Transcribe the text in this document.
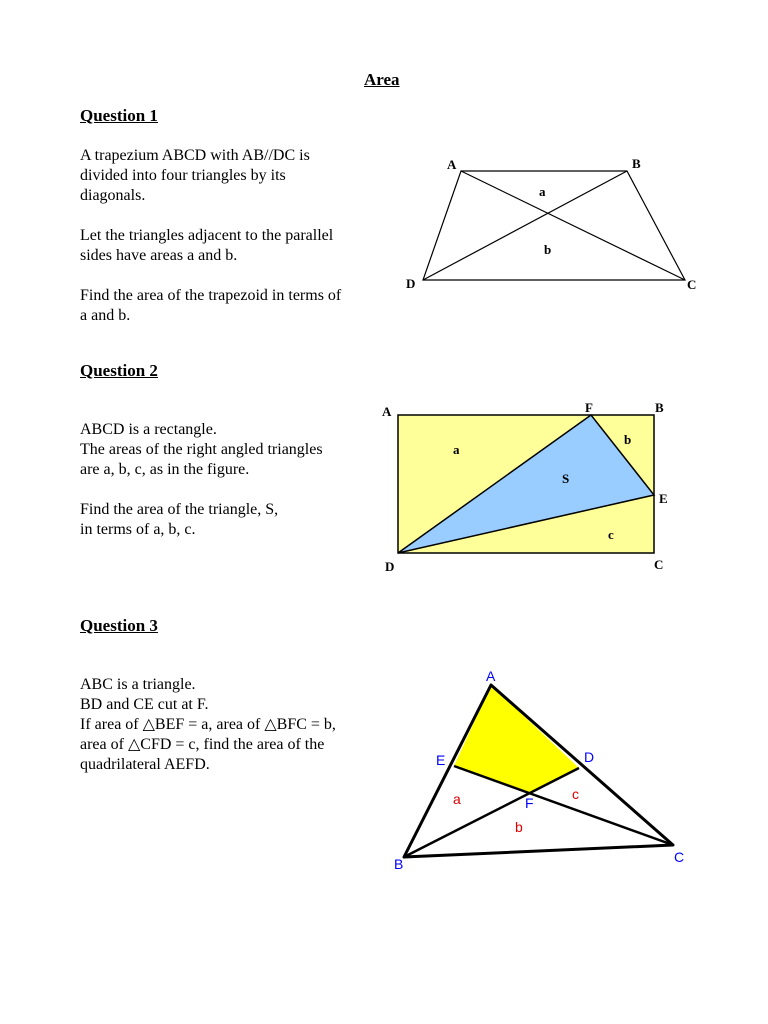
Area
Question 1

A trapezium ABCD with AB//DC is

divided into four triangles by its

diagonals.

Let the triangles adjacent to the parallel

sides have areas a and b.

Find the area of the trapezoid in terms of

a and b.

Question 2

ABCD is a rectangle.

The areas of the right angled triangles

are a, b, c, as in the figure.

Find the area of the triangle, S,

in terms of a, b, c.

Question 3

ABC is a triangle.

BD and CE cut at F.

If area of △BEF = a, area of △BFC = b,

area of △CFD = c, find the area of the

quadrilateral AEFD.

A	B
C
D
a
b
A	F	B
E
D	C
a
b
c
S
A
E	D
F
B	C
a
b
c
